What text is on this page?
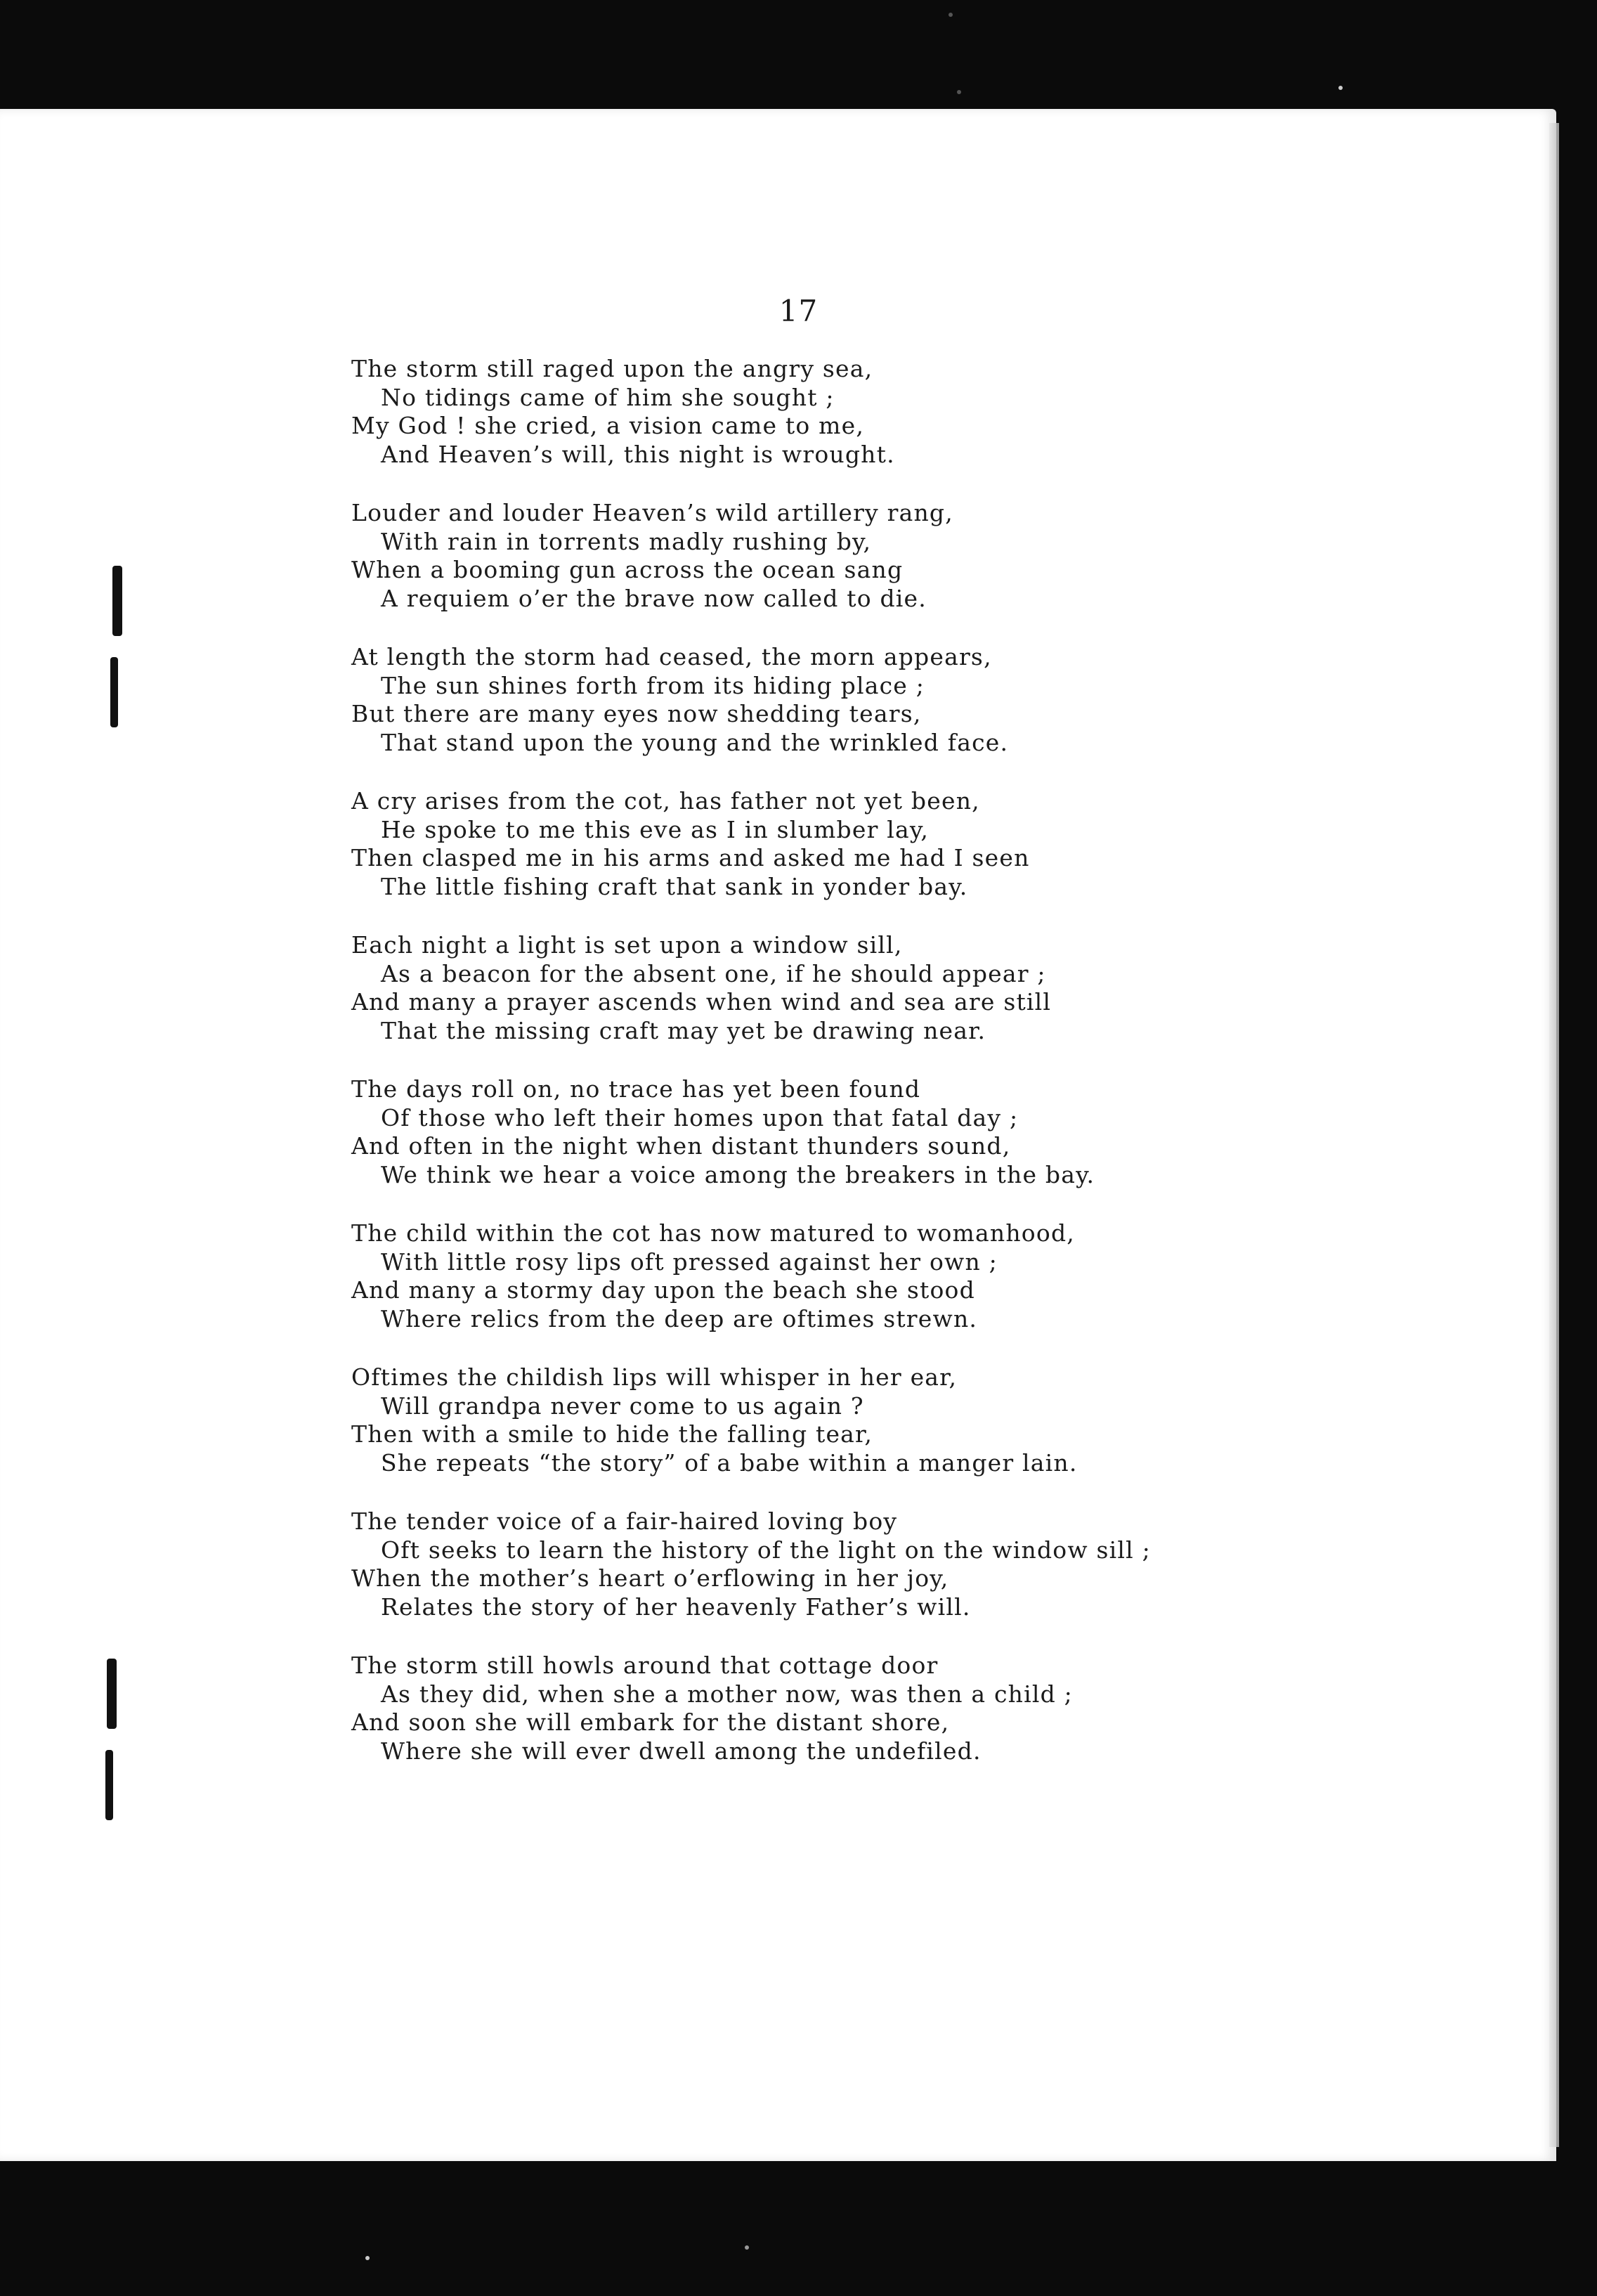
17
The storm still raged upon the angry sea,
No tidings came of him she sought ;
My God ! she cried, a vision came to me,
And Heaven’s will, this night is wrought.
Louder and louder Heaven’s wild artillery rang,
With rain in torrents madly rushing by,
When a booming gun across the ocean sang
A requiem o’er the brave now called to die.
At length the storm had ceased, the morn appears,
The sun shines forth from its hiding place ;
But there are many eyes now shedding tears,
That stand upon the young and the wrinkled face.
A cry arises from the cot, has father not yet been,
He spoke to me this eve as I in slumber lay,
Then clasped me in his arms and asked me had I seen
The little fishing craft that sank in yonder bay.
Each night a light is set upon a window sill,
As a beacon for the absent one, if he should appear ;
And many a prayer ascends when wind and sea are still
That the missing craft may yet be drawing near.
The days roll on, no trace has yet been found
Of those who left their homes upon that fatal day ;
And often in the night when distant thunders sound,
We think we hear a voice among the breakers in the bay.
The child within the cot has now matured to womanhood,
With little rosy lips oft pressed against her own ;
And many a stormy day upon the beach she stood
Where relics from the deep are oftimes strewn.
Oftimes the childish lips will whisper in her ear,
Will grandpa never come to us again ?
Then with a smile to hide the falling tear,
She repeats “the story” of a babe within a manger lain.
The tender voice of a fair-haired loving boy
Oft seeks to learn the history of the light on the window sill ;
When the mother’s heart o’erflowing in her joy,
Relates the story of her heavenly Father’s will.
The storm still howls around that cottage door
As they did, when she a mother now, was then a child ;
And soon she will embark for the distant shore,
Where she will ever dwell among the undefiled.
